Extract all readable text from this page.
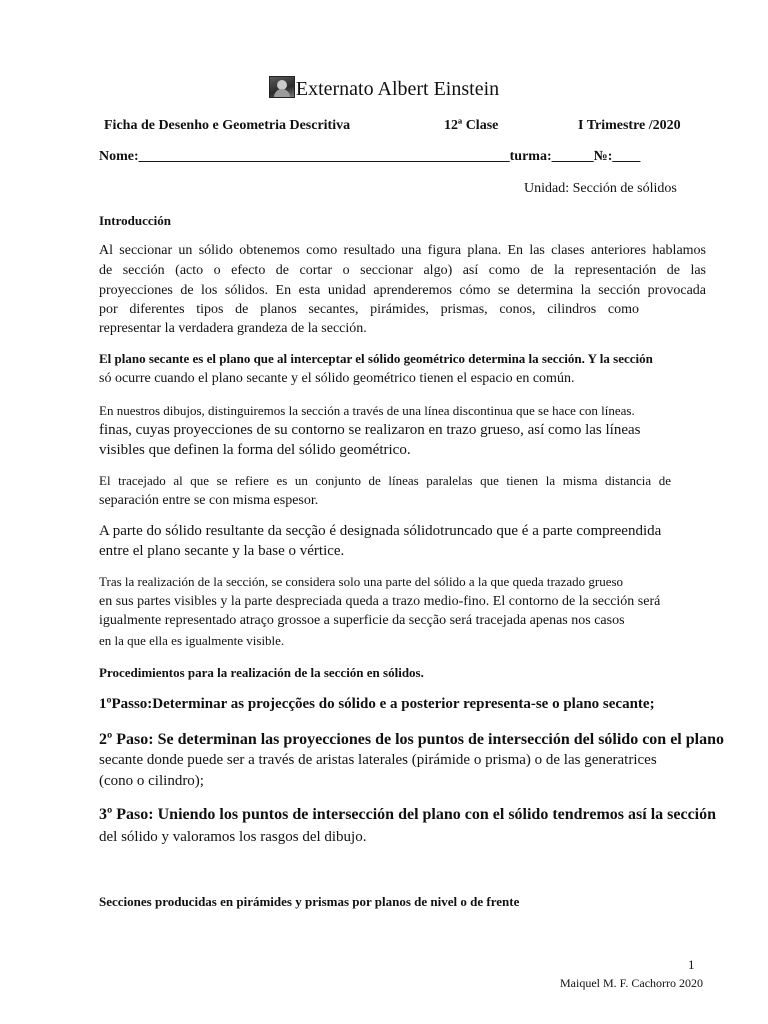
Externato Albert Einstein
Ficha de Desenho e Geometria Descritiva	12ª Clase	I Trimestre /2020
Nome:_____________________________________________________turma:______№:____
Unidad: Sección de sólidos
Introducción
Al seccionar un sólido obtenemos como resultado una figura plana. En las clases anteriores hablamos
de sección (acto o efecto de cortar o seccionar algo) así como de la representación de las
proyecciones de los sólidos. En esta unidad aprenderemos cómo se determina la sección provocada
por diferentes tipos de planos secantes, pirámides, prismas, conos, cilindros como
representar la verdadera grandeza de la sección.
El plano secante es el plano que al interceptar el sólido geométrico determina la sección. Y la sección
só ocurre cuando el plano secante y el sólido geométrico tienen el espacio en común.
En nuestros dibujos, distinguiremos la sección a través de una línea discontinua que se hace con líneas.
finas, cuyas proyecciones de su contorno se realizaron en trazo grueso, así como las líneas
visibles que definen la forma del sólido geométrico.
El tracejado al que se refiere es un conjunto de líneas paralelas que tienen la misma distancia de
separación entre se con misma espesor.
A parte do sólido resultante da secção é designada sólidotruncado que é a parte compreendida
entre el plano secante y la base o vértice.
Tras la realización de la sección, se considera solo una parte del sólido a la que queda trazado grueso
en sus partes visibles y la parte despreciada queda a trazo medio-fino. El contorno de la sección será
igualmente representado atraço grossoe a superficie da secção será tracejada apenas nos casos
en la que ella es igualmente visible.
Procedimientos para la realización de la sección en sólidos.
1ºPasso:Determinar as projecções do sólido e a posterior representa-se o plano secante;
2º Paso: Se determinan las proyecciones de los puntos de intersección del sólido con el plano
secante donde puede ser a través de aristas laterales (pirámide o prisma) o de las generatrices
(cono o cilindro);
3º Paso: Uniendo los puntos de intersección del plano con el sólido tendremos así la sección
del sólido y valoramos los rasgos del dibujo.
Secciones producidas en pirámides y prismas por planos de nivel o de frente
1
Maiquel M. F. Cachorro 2020
